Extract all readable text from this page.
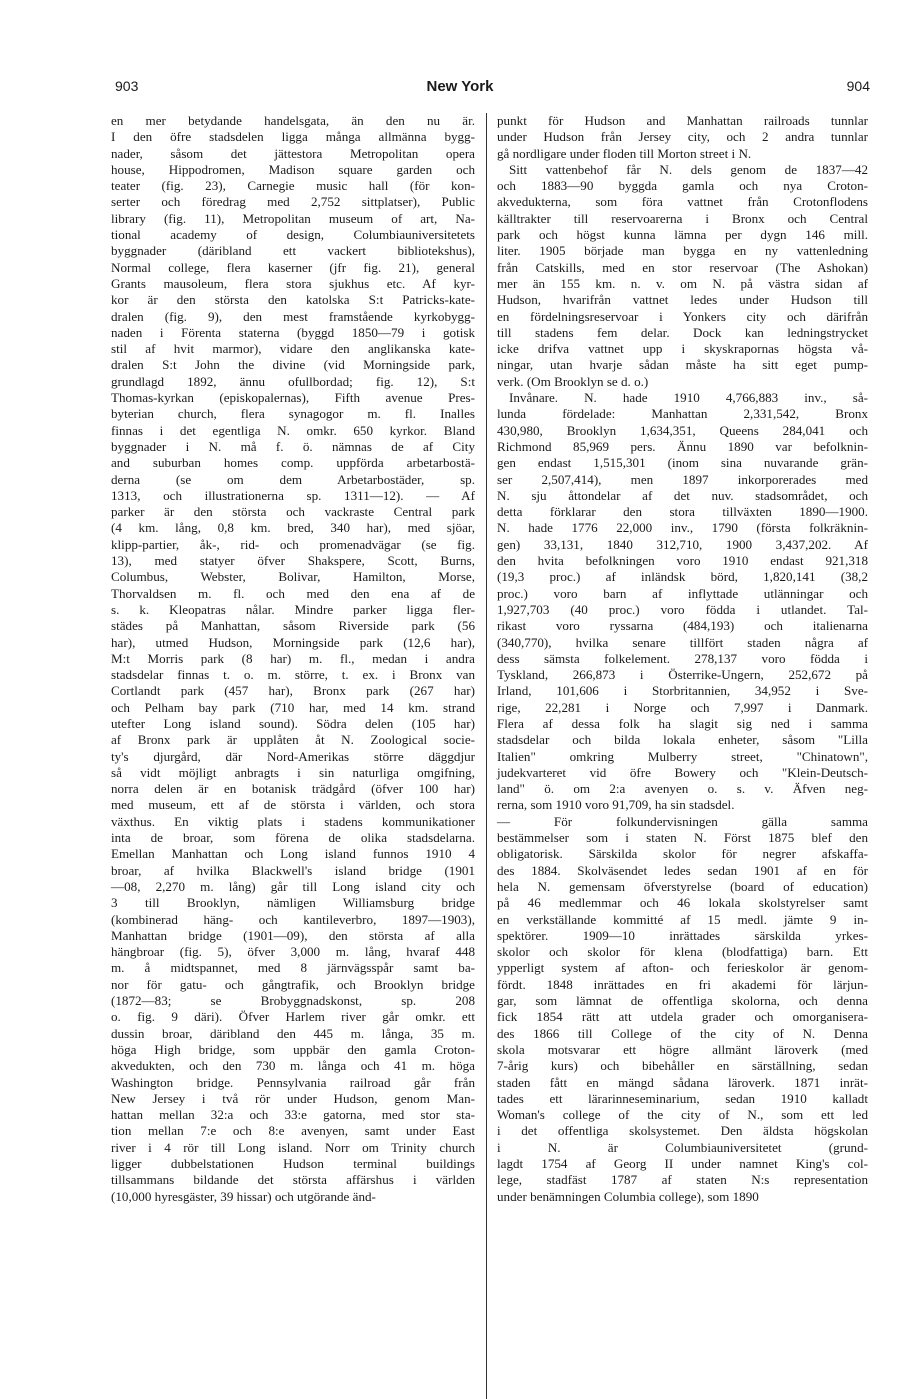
903	New York	904
en mer betydande handelsgata, än den nu är.
I den öfre stadsdelen ligga många allmänna bygg-
nader, såsom det jättestora Metropolitan opera
house, Hippodromen, Madison square garden och
teater (fig. 23), Carnegie music hall (för kon-
serter och föredrag med 2,752 sittplatser), Public
library (fig. 11), Metropolitan museum of art, Na-
tional academy of design, Columbiauniversitetets
byggnader (däribland ett vackert bibliotekshus),
Normal college, flera kaserner (jfr fig. 21), general
Grants mausoleum, flera stora sjukhus etc. Af kyr-
kor är den största den katolska S:t Patricks-kate-
dralen (fig. 9), den mest framstående kyrkobygg-
naden i Förenta staterna (byggd 1850—79 i gotisk
stil af hvit marmor), vidare den anglikanska kate-
dralen S:t John the divine (vid Morningside park,
grundlagd 1892, ännu ofullbordad; fig. 12), S:t
Thomas-kyrkan (episkopalernas), Fifth avenue Pres-
byterian church, flera synagogor m. fl. Inalles
finnas i det egentliga N. omkr. 650 kyrkor. Bland
byggnader i N. må f. ö. nämnas de af City
and suburban homes comp. uppförda arbetarbostä-
derna (se om dem Arbetarbostäder, sp.
1313, och illustrationerna sp. 1311—12). — Af
parker är den största och vackraste Central park
(4 km. lång, 0,8 km. bred, 340 har), med sjöar,
klipp-partier, åk-, rid- och promenadvägar (se fig.
13), med statyer öfver Shakspere, Scott, Burns,
Columbus, Webster, Bolivar, Hamilton, Morse,
Thorvaldsen m. fl. och med den ena af de
s. k. Kleopatras nålar. Mindre parker ligga fler-
städes på Manhattan, såsom Riverside park (56
har), utmed Hudson, Morningside park (12,6 har),
M:t Morris park (8 har) m. fl., medan i andra
stadsdelar finnas t. o. m. större, t. ex. i Bronx van
Cortlandt park (457 har), Bronx park (267 har)
och Pelham bay park (710 har, med 14 km. strand
utefter Long island sound). Södra delen (105 har)
af Bronx park är upplåten åt N. Zoological socie-
ty's djurgård, där Nord-Amerikas större däggdjur
så vidt möjligt anbragts i sin naturliga omgifning,
norra delen är en botanisk trädgård (öfver 100 har)
med museum, ett af de största i världen, och stora
växthus. En viktig plats i stadens kommunikationer
inta de broar, som förena de olika stadsdelarna.
Emellan Manhattan och Long island funnos 1910 4
broar, af hvilka Blackwell's island bridge (1901
—08, 2,270 m. lång) går till Long island city och
3 till Brooklyn, nämligen Williamsburg bridge
(kombinerad häng- och kantileverbro, 1897—1903),
Manhattan bridge (1901—09), den största af alla
hängbroar (fig. 5), öfver 3,000 m. lång, hvaraf 448
m. å midtspannet, med 8 järnvägsspår samt ba-
nor för gatu- och gångtrafik, och Brooklyn bridge
(1872—83; se Brobyggnadskonst, sp. 208
o. fig. 9 däri). Öfver Harlem river går omkr. ett
dussin broar, däribland den 445 m. långa, 35 m.
höga High bridge, som uppbär den gamla Croton-
akvedukten, och den 730 m. långa och 41 m. höga
Washington bridge. Pennsylvania railroad går från
New Jersey i två rör under Hudson, genom Man-
hattan mellan 32:a och 33:e gatorna, med stor sta-
tion mellan 7:e och 8:e avenyen, samt under East
river i 4 rör till Long island. Norr om Trinity church
ligger dubbelstationen Hudson terminal buildings
tillsammans bildande det största affärshus i världen
(10,000 hyresgäster, 39 hissar) och utgörande änd-
punkt för Hudson and Manhattan railroads tunnlar
under Hudson från Jersey city, och 2 andra tunnlar
gå nordligare under floden till Morton street i N.
Sitt vattenbehof får N. dels genom de 1837—42
och 1883—90 byggda gamla och nya Croton-
akvedukterna, som föra vattnet från Crotonflodens
källtrakter till reservoarerna i Bronx och Central
park och högst kunna lämna per dygn 146 mill.
liter. 1905 började man bygga en ny vattenledning
från Catskills, med en stor reservoar (The Ashokan)
mer än 155 km. n. v. om N. på västra sidan af
Hudson, hvarifrån vattnet ledes under Hudson till
en fördelningsreservoar i Yonkers city och därifrån
till stadens fem delar. Dock kan ledningstrycket
icke drifva vattnet upp i skyskrapornas högsta vå-
ningar, utan hvarje sådan måste ha sitt eget pump-
verk. (Om Brooklyn se d. o.)
Invånare. N. hade 1910 4,766,883 inv., så-
lunda fördelade: Manhattan 2,331,542, Bronx
430,980, Brooklyn 1,634,351, Queens 284,041 och
Richmond 85,969 pers. Ännu 1890 var befolknin-
gen endast 1,515,301 (inom sina nuvarande grän-
ser 2,507,414), men 1897 inkorporerades med
N. sju åttondelar af det nuv. stadsområdet, och
detta förklarar den stora tillväxten 1890—1900.
N. hade 1776 22,000 inv., 1790 (första folkräknin-
gen) 33,131, 1840 312,710, 1900 3,437,202. Af
den hvita befolkningen voro 1910 endast 921,318
(19,3 proc.) af inländsk börd, 1,820,141 (38,2
proc.) voro barn af inflyttade utlänningar och
1,927,703 (40 proc.) voro födda i utlandet. Tal-
rikast voro ryssarna (484,193) och italienarna
(340,770), hvilka senare tillfört staden några af
dess sämsta folkelement. 278,137 voro födda i
Tyskland, 266,873 i Österrike-Ungern, 252,672 på
Irland, 101,606 i Storbritannien, 34,952 i Sve-
rige, 22,281 i Norge och 7,997 i Danmark.
Flera af dessa folk ha slagit sig ned i samma
stadsdelar och bilda lokala enheter, såsom "Lilla
Italien" omkring Mulberry street, "Chinatown",
judekvarteret vid öfre Bowery och "Klein-Deutsch-
land" ö. om 2:a avenyen o. s. v. Äfven neg-
rerna, som 1910 voro 91,709, ha sin stadsdel.
— För folkundervisningen gälla samma
bestämmelser som i staten N. Först 1875 blef den
obligatorisk. Särskilda skolor för negrer afskaffa-
des 1884. Skolväsendet ledes sedan 1901 af en för
hela N. gemensam öfverstyrelse (board of education)
på 46 medlemmar och 46 lokala skolstyrelser samt
en verkställande kommitté af 15 medl. jämte 9 in-
spektörer. 1909—10 inrättades särskilda yrkes-
skolor och skolor för klena (blodfattiga) barn. Ett
ypperligt system af afton- och ferieskolor är genom-
fördt. 1848 inrättades en fri akademi för lärjun-
gar, som lämnat de offentliga skolorna, och denna
fick 1854 rätt att utdela grader och omorganisera-
des 1866 till College of the city of N. Denna
skola motsvarar ett högre allmänt läroverk (med
7-årig kurs) och bibehåller en särställning, sedan
staden fått en mängd sådana läroverk. 1871 inrät-
tades ett lärarinneseminarium, sedan 1910 kalladt
Woman's college of the city of N., som ett led
i det offentliga skolsystemet. Den äldsta högskolan
i N. är Columbiauniversitetet (grund-
lagdt 1754 af Georg II under namnet King's col-
lege, stadfäst 1787 af staten N:s representation
under benämningen Columbia college), som 1890
